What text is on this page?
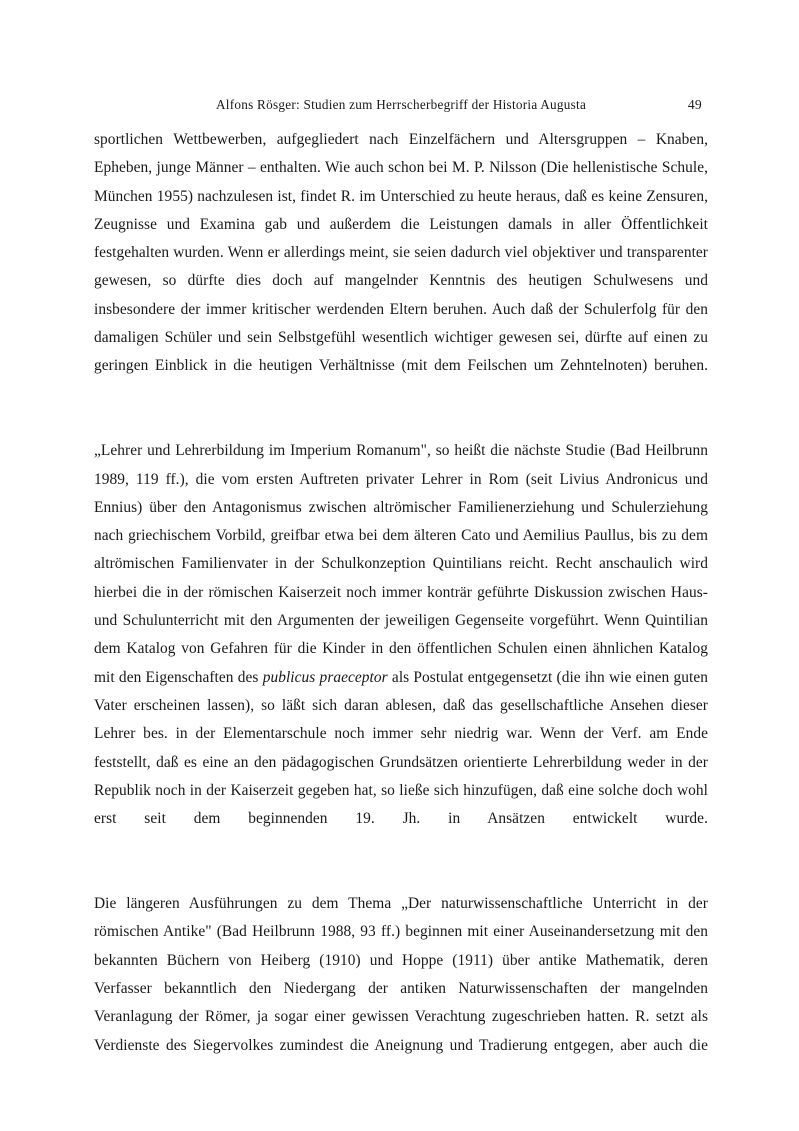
Alfons Rösger: Studien zum Herrscherbegriff der Historia Augusta	49

sportlichen Wettbewerben, aufgegliedert nach Einzelfächern und Altersgruppen – Knaben, Epheben, junge Männer – enthalten. Wie auch schon bei M. P. Nilsson (Die hellenistische Schule, München 1955) nachzulesen ist, findet R. im Unterschied zu heute heraus, daß es keine Zensuren, Zeugnisse und Examina gab und außerdem die Leistungen damals in aller Öffentlichkeit festgehalten wurden. Wenn er allerdings meint, sie seien dadurch viel objektiver und transparenter gewesen, so dürfte dies doch auf mangelnder Kenntnis des heutigen Schulwesens und insbesondere der immer kritischer werdenden Eltern beruhen. Auch daß der Schulerfolg für den damaligen Schüler und sein Selbstgefühl wesentlich wichtiger gewesen sei, dürfte auf einen zu geringen Einblick in die heutigen Verhältnisse (mit dem Feilschen um Zehntelnoten) beruhen.

„Lehrer und Lehrerbildung im Imperium Romanum", so heißt die nächste Studie (Bad Heilbrunn 1989, 119 ff.), die vom ersten Auftreten privater Lehrer in Rom (seit Livius Andronicus und Ennius) über den Antagonismus zwischen altrömischer Familienerziehung und Schulerziehung nach griechischem Vorbild, greifbar etwa bei dem älteren Cato und Aemilius Paullus, bis zu dem altrömischen Familienvater in der Schulkonzeption Quintilians reicht. Recht anschaulich wird hierbei die in der römischen Kaiserzeit noch immer konträr geführte Diskussion zwischen Haus- und Schulunterricht mit den Argumenten der jeweiligen Gegenseite vorgeführt. Wenn Quintilian dem Katalog von Gefahren für die Kinder in den öffentlichen Schulen einen ähnlichen Katalog mit den Eigenschaften des publicus praeceptor als Postulat entgegensetzt (die ihn wie einen guten Vater erscheinen lassen), so läßt sich daran ablesen, daß das gesellschaftliche Ansehen dieser Lehrer bes. in der Elementarschule noch immer sehr niedrig war. Wenn der Verf. am Ende feststellt, daß es eine an den pädagogischen Grundsätzen orientierte Lehrerbildung weder in der Republik noch in der Kaiserzeit gegeben hat, so ließe sich hinzufügen, daß eine solche doch wohl erst seit dem beginnenden 19. Jh. in Ansätzen entwickelt wurde.

Die längeren Ausführungen zu dem Thema „Der naturwissenschaftliche Unterricht in der römischen Antike" (Bad Heilbrunn 1988, 93 ff.) beginnen mit einer Auseinandersetzung mit den bekannten Büchern von Heiberg (1910) und Hoppe (1911) über antike Mathematik, deren Verfasser bekanntlich den Niedergang der antiken Naturwissenschaften der mangelnden Veranlagung der Römer, ja sogar einer gewissen Verachtung zugeschrieben hatten. R. setzt als Verdienste des Siegervolkes zumindest die Aneignung und Tradierung entgegen, aber auch die
